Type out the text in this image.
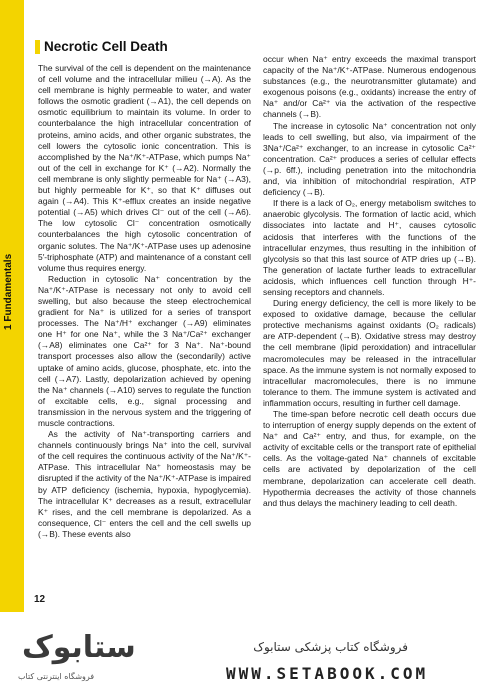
1 Fundamentals
Necrotic Cell Death

The survival of the cell is dependent on the maintenance of cell volume and the intracellular milieu (→A). As the cell membrane is highly permeable to water, and water follows the osmotic gradient (→A1), the cell depends on osmotic equilibrium to maintain its volume. In order to counterbalance the high intracellular concentration of proteins, amino acids, and other organic substrates, the cell lowers the cytosolic ionic concentration. This is accomplished by the Na⁺/K⁺-ATPase, which pumps Na⁺ out of the cell in exchange for K⁺ (→A2). Normally the cell membrane is only slightly permeable for Na⁺ (→A3), but highly permeable for K⁺, so that K⁺ diffuses out again (→A4). This K⁺-efflux creates an inside negative potential (→A5) which drives Cl⁻ out of the cell (→A6). The low cytosolic Cl⁻ concentration osmotically counterbalances the high cytosolic concentration of organic solutes. The Na⁺/K⁺-ATPase uses up adenosine 5′-triphosphate (ATP) and maintenance of a constant cell volume thus requires energy.

Reduction in cytosolic Na⁺ concentration by the Na⁺/K⁺-ATPase is necessary not only to avoid cell swelling, but also because the steep electrochemical gradient for Na⁺ is utilized for a series of transport processes. The Na⁺/H⁺ exchanger (→A9) eliminates one H⁺ for one Na⁺, while the 3 Na⁺/Ca²⁺ exchanger (→A8) eliminates one Ca²⁺ for 3 Na⁺. Na⁺-bound transport processes also allow the (secondarily) active uptake of amino acids, glucose, phosphate, etc. into the cell (→A7). Lastly, depolarization achieved by opening the Na⁺ channels (→A10) serves to regulate the function of excitable cells, e.g., signal processing and transmission in the nervous system and the triggering of muscle contractions.

As the activity of Na⁺-transporting carriers and channels continuously brings Na⁺ into the cell, survival of the cell requires the continuous activity of the Na⁺/K⁺-ATPase. This intracellular Na⁺ homeostasis may be disrupted if the activity of the Na⁺/K⁺-ATPase is impaired by ATP deficiency (ischemia, hypoxia, hypoglycemia). The intracellular K⁺ decreases as a result, extracellular K⁺ rises, and the cell membrane is depolarized. As a consequence, Cl⁻ enters the cell and the cell swells up (→B). These events also

occur when Na⁺ entry exceeds the maximal transport capacity of the Na⁺/K⁺-ATPase. Numerous endogenous substances (e.g., the neurotransmitter glutamate) and exogenous poisons (e.g., oxidants) increase the entry of Na⁺ and/or Ca²⁺ via the activation of the respective channels (→B).

The increase in cytosolic Na⁺ concentration not only leads to cell swelling, but also, via impairment of the 3Na⁺/Ca²⁺ exchanger, to an increase in cytosolic Ca²⁺ concentration. Ca²⁺ produces a series of cellular effects (→p. 6ff.), including penetration into the mitochondria and, via inhibition of mitochondrial respiration, ATP deficiency (→B).

If there is a lack of O₂, energy metabolism switches to anaerobic glycolysis. The formation of lactic acid, which dissociates into lactate and H⁺, causes cytosolic acidosis that interferes with the functions of the intracellular enzymes, thus resulting in the inhibition of glycolysis so that this last source of ATP dries up (→B). The generation of lactate further leads to extracellular acidosis, which influences cell function through H⁺-sensing receptors and channels.

During energy deficiency, the cell is more likely to be exposed to oxidative damage, because the cellular protective mechanisms against oxidants (O₂ radicals) are ATP-dependent (→B). Oxidative stress may destroy the cell membrane (lipid peroxidation) and intracellular macromolecules may be released in the intracellular space. As the immune system is not normally exposed to intracellular macromolecules, there is no immune tolerance to them. The immune system is activated and inflammation occurs, resulting in further cell damage.

The time-span before necrotic cell death occurs due to interruption of energy supply depends on the extent of Na⁺ and Ca²⁺ entry, and thus, for example, on the activity of excitable cells or the transport rate of epithelial cells. As the voltage-gated Na⁺ channels of excitable cells are activated by depolarization of the cell membrane, depolarization can accelerate cell death. Hypothermia decreases the activity of those channels and thus delays the machinery leading to cell death.

12
ستابوک
فروشگاه اینترنتی کتاب
فروشگاه کتاب پزشکی ستابوک
WWW.SETABOOK.COM
